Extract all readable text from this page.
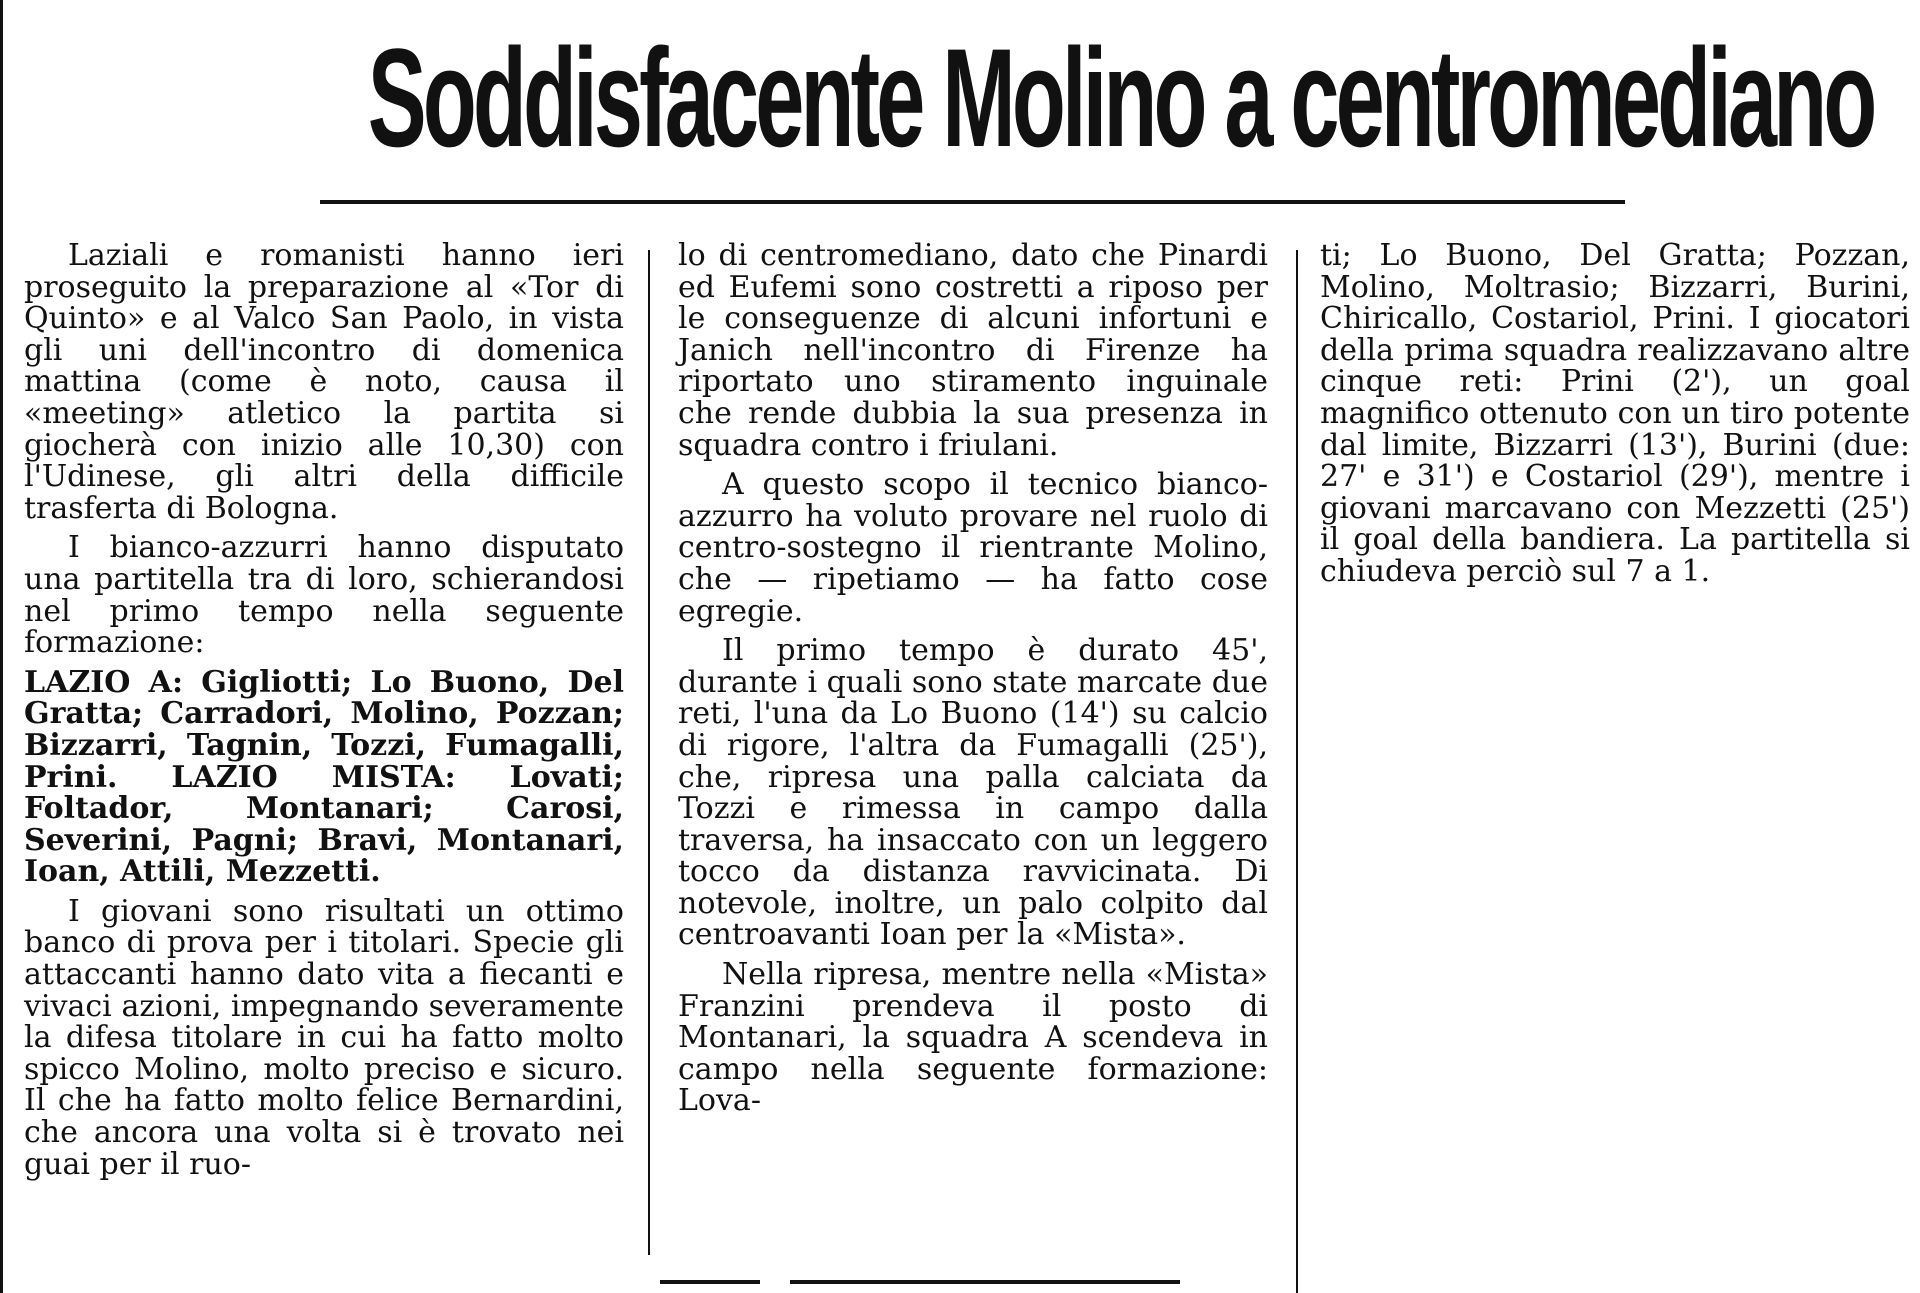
Soddisfacente Molino a centromediano

Laziali e romanisti hanno ieri proseguito la preparazione al «Tor di Quinto» e al Valco San Paolo, in vista gli uni dell'incontro di domenica mattina (come è noto, causa il «meeting» atletico la partita si giocherà con inizio alle 10,30) con l'Udinese, gli altri della difficile trasferta di Bologna.

I bianco-azzurri hanno disputato una partitella tra di loro, schierandosi nel primo tempo nella seguente formazione:

LAZIO A: Gigliotti; Lo Buono, Del Gratta; Carradori, Molino, Pozzan; Bizzarri, Tagnin, Tozzi, Fumagalli, Prini. LAZIO MISTA: Lovati; Foltador, Montanari; Carosi, Severini, Pagni; Bravi, Montanari, Ioan, Attili, Mezzetti.

I giovani sono risultati un ottimo banco di prova per i titolari. Specie gli attaccanti hanno dato vita a fiecanti e vivaci azioni, impegnando severamente la difesa titolare in cui ha fatto molto spicco Molino, molto preciso e sicuro. Il che ha fatto molto felice Bernardini, che ancora una volta si è trovato nei guai per il ruo-

lo di centromediano, dato che Pinardi ed Eufemi sono costretti a riposo per le conseguenze di alcuni infortuni e Janich nell'incontro di Firenze ha riportato uno stiramento inguinale che rende dubbia la sua presenza in squadra contro i friulani.

A questo scopo il tecnico bianco-azzurro ha voluto provare nel ruolo di centro-sostegno il rientrante Molino, che — ripetiamo — ha fatto cose egregie.

Il primo tempo è durato 45', durante i quali sono state marcate due reti, l'una da Lo Buono (14') su calcio di rigore, l'altra da Fumagalli (25'), che, ripresa una palla calciata da Tozzi e rimessa in campo dalla traversa, ha insaccato con un leggero tocco da distanza ravvicinata. Di notevole, inoltre, un palo colpito dal centroavanti Ioan per la «Mista».

Nella ripresa, mentre nella «Mista» Franzini prendeva il posto di Montanari, la squadra A scendeva in campo nella seguente formazione: Lova-

ti; Lo Buono, Del Gratta; Pozzan, Molino, Moltrasio; Bizzarri, Burini, Chiricallo, Costariol, Prini. I giocatori della prima squadra realizzavano altre cinque reti: Prini (2'), un goal magnifico ottenuto con un tiro potente dal limite, Bizzarri (13'), Burini (due: 27' e 31') e Costariol (29'), mentre i giovani marcavano con Mezzetti (25') il goal della bandiera. La partitella si chiudeva perciò sul 7 a 1.
